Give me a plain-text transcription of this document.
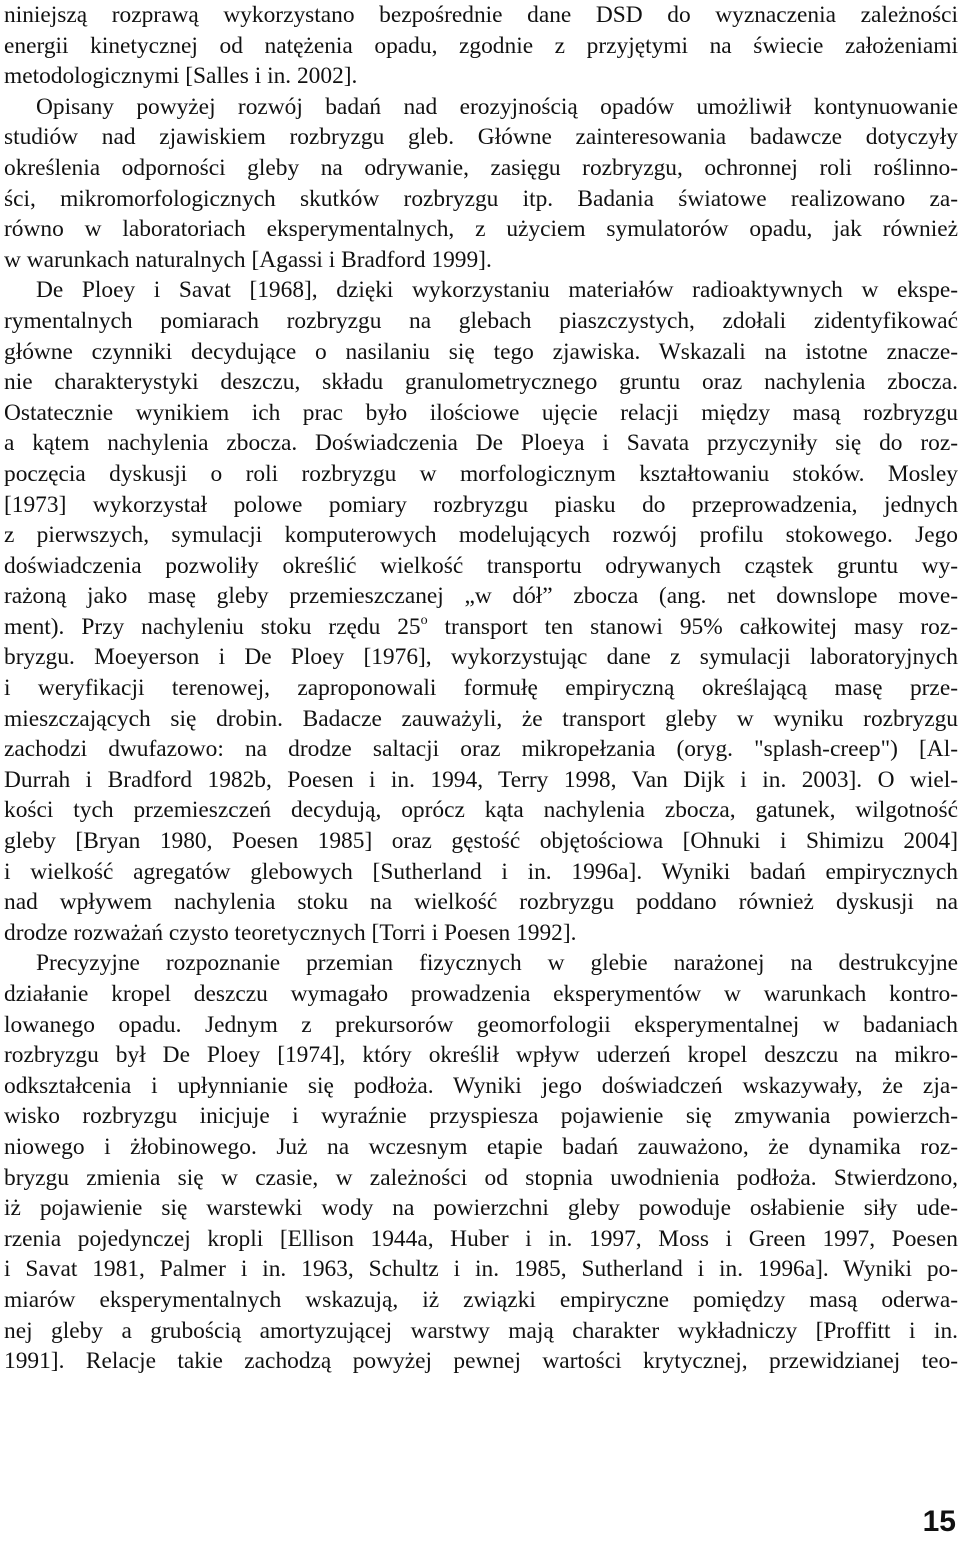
niniejszą rozprawą wykorzystano bezpośrednie dane DSD do wyznaczenia zależności
energii kinetycznej od natężenia opadu, zgodnie z przyjętymi na świecie założeniami
metodologicznymi [Salles i in. 2002].
Opisany powyżej rozwój badań nad erozyjnością opadów umożliwił kontynuowanie
studiów nad zjawiskiem rozbryzgu gleb. Główne zainteresowania badawcze dotyczyły
określenia odporności gleby na odrywanie, zasięgu rozbryzgu, ochronnej roli roślinno-
ści, mikromorfologicznych skutków rozbryzgu itp. Badania światowe realizowano za-
równo w laboratoriach eksperymentalnych, z użyciem symulatorów opadu, jak również
w warunkach naturalnych [Agassi i Bradford 1999].
De Ploey i Savat [1968], dzięki wykorzystaniu materiałów radioaktywnych w ekspe-
rymentalnych pomiarach rozbryzgu na glebach piaszczystych, zdołali zidentyfikować
główne czynniki decydujące o nasilaniu się tego zjawiska. Wskazali na istotne znacze-
nie charakterystyki deszczu, składu granulometrycznego gruntu oraz nachylenia zbocza.
Ostatecznie wynikiem ich prac było ilościowe ujęcie relacji między masą rozbryzgu
a kątem nachylenia zbocza. Doświadczenia De Ploeya i Savata przyczyniły się do roz-
poczęcia dyskusji o roli rozbryzgu w morfologicznym kształtowaniu stoków. Mosley
[1973] wykorzystał polowe pomiary rozbryzgu piasku do przeprowadzenia, jednych
z pierwszych, symulacji komputerowych modelujących rozwój profilu stokowego. Jego
doświadczenia pozwoliły określić wielkość transportu odrywanych cząstek gruntu wy-
rażoną jako masę gleby przemieszczanej „w dół” zbocza (ang. net downslope move-
ment). Przy nachyleniu stoku rzędu 25$^o$ transport ten stanowi 95% całkowitej masy roz-
bryzgu. Moeyerson i De Ploey [1976], wykorzystując dane z symulacji laboratoryjnych
i weryfikacji terenowej, zaproponowali formułę empiryczną określającą masę prze-
mieszczających się drobin. Badacze zauważyli, że transport gleby w wyniku rozbryzgu
zachodzi dwufazowo: na drodze saltacji oraz mikropełzania (oryg. "splash-creep") [Al-
Durrah i Bradford 1982b, Poesen i in. 1994, Terry 1998, Van Dijk i in. 2003]. O wiel-
kości tych przemieszczeń decydują, oprócz kąta nachylenia zbocza, gatunek, wilgotność
gleby [Bryan 1980, Poesen 1985] oraz gęstość objętościowa [Ohnuki i Shimizu 2004]
i wielkość agregatów glebowych [Sutherland i in. 1996a]. Wyniki badań empirycznych
nad wpływem nachylenia stoku na wielkość rozbryzgu poddano również dyskusji na
drodze rozważań czysto teoretycznych [Torri i Poesen 1992].
Precyzyjne rozpoznanie przemian fizycznych w glebie narażonej na destrukcyjne
działanie kropel deszczu wymagało prowadzenia eksperymentów w warunkach kontro-
lowanego opadu. Jednym z prekursorów geomorfologii eksperymentalnej w badaniach
rozbryzgu był De Ploey [1974], który określił wpływ uderzeń kropel deszczu na mikro-
odkształcenia i upłynnianie się podłoża. Wyniki jego doświadczeń wskazywały, że zja-
wisko rozbryzgu inicjuje i wyraźnie przyspiesza pojawienie się zmywania powierzch-
niowego i żłobinowego. Już na wczesnym etapie badań zauważono, że dynamika roz-
bryzgu zmienia się w czasie, w zależności od stopnia uwodnienia podłoża. Stwierdzono,
iż pojawienie się warstewki wody na powierzchni gleby powoduje osłabienie siły ude-
rzenia pojedynczej kropli [Ellison 1944a, Huber i in. 1997, Moss i Green 1997, Poesen
i Savat 1981, Palmer i in. 1963, Schultz i in. 1985, Sutherland i in. 1996a]. Wyniki po-
miarów eksperymentalnych wskazują, iż związki empiryczne pomiędzy masą oderwa-
nej gleby a grubością amortyzującej warstwy mają charakter wykładniczy [Proffitt i in.
1991]. Relacje takie zachodzą powyżej pewnej wartości krytycznej, przewidzianej teo-
15
